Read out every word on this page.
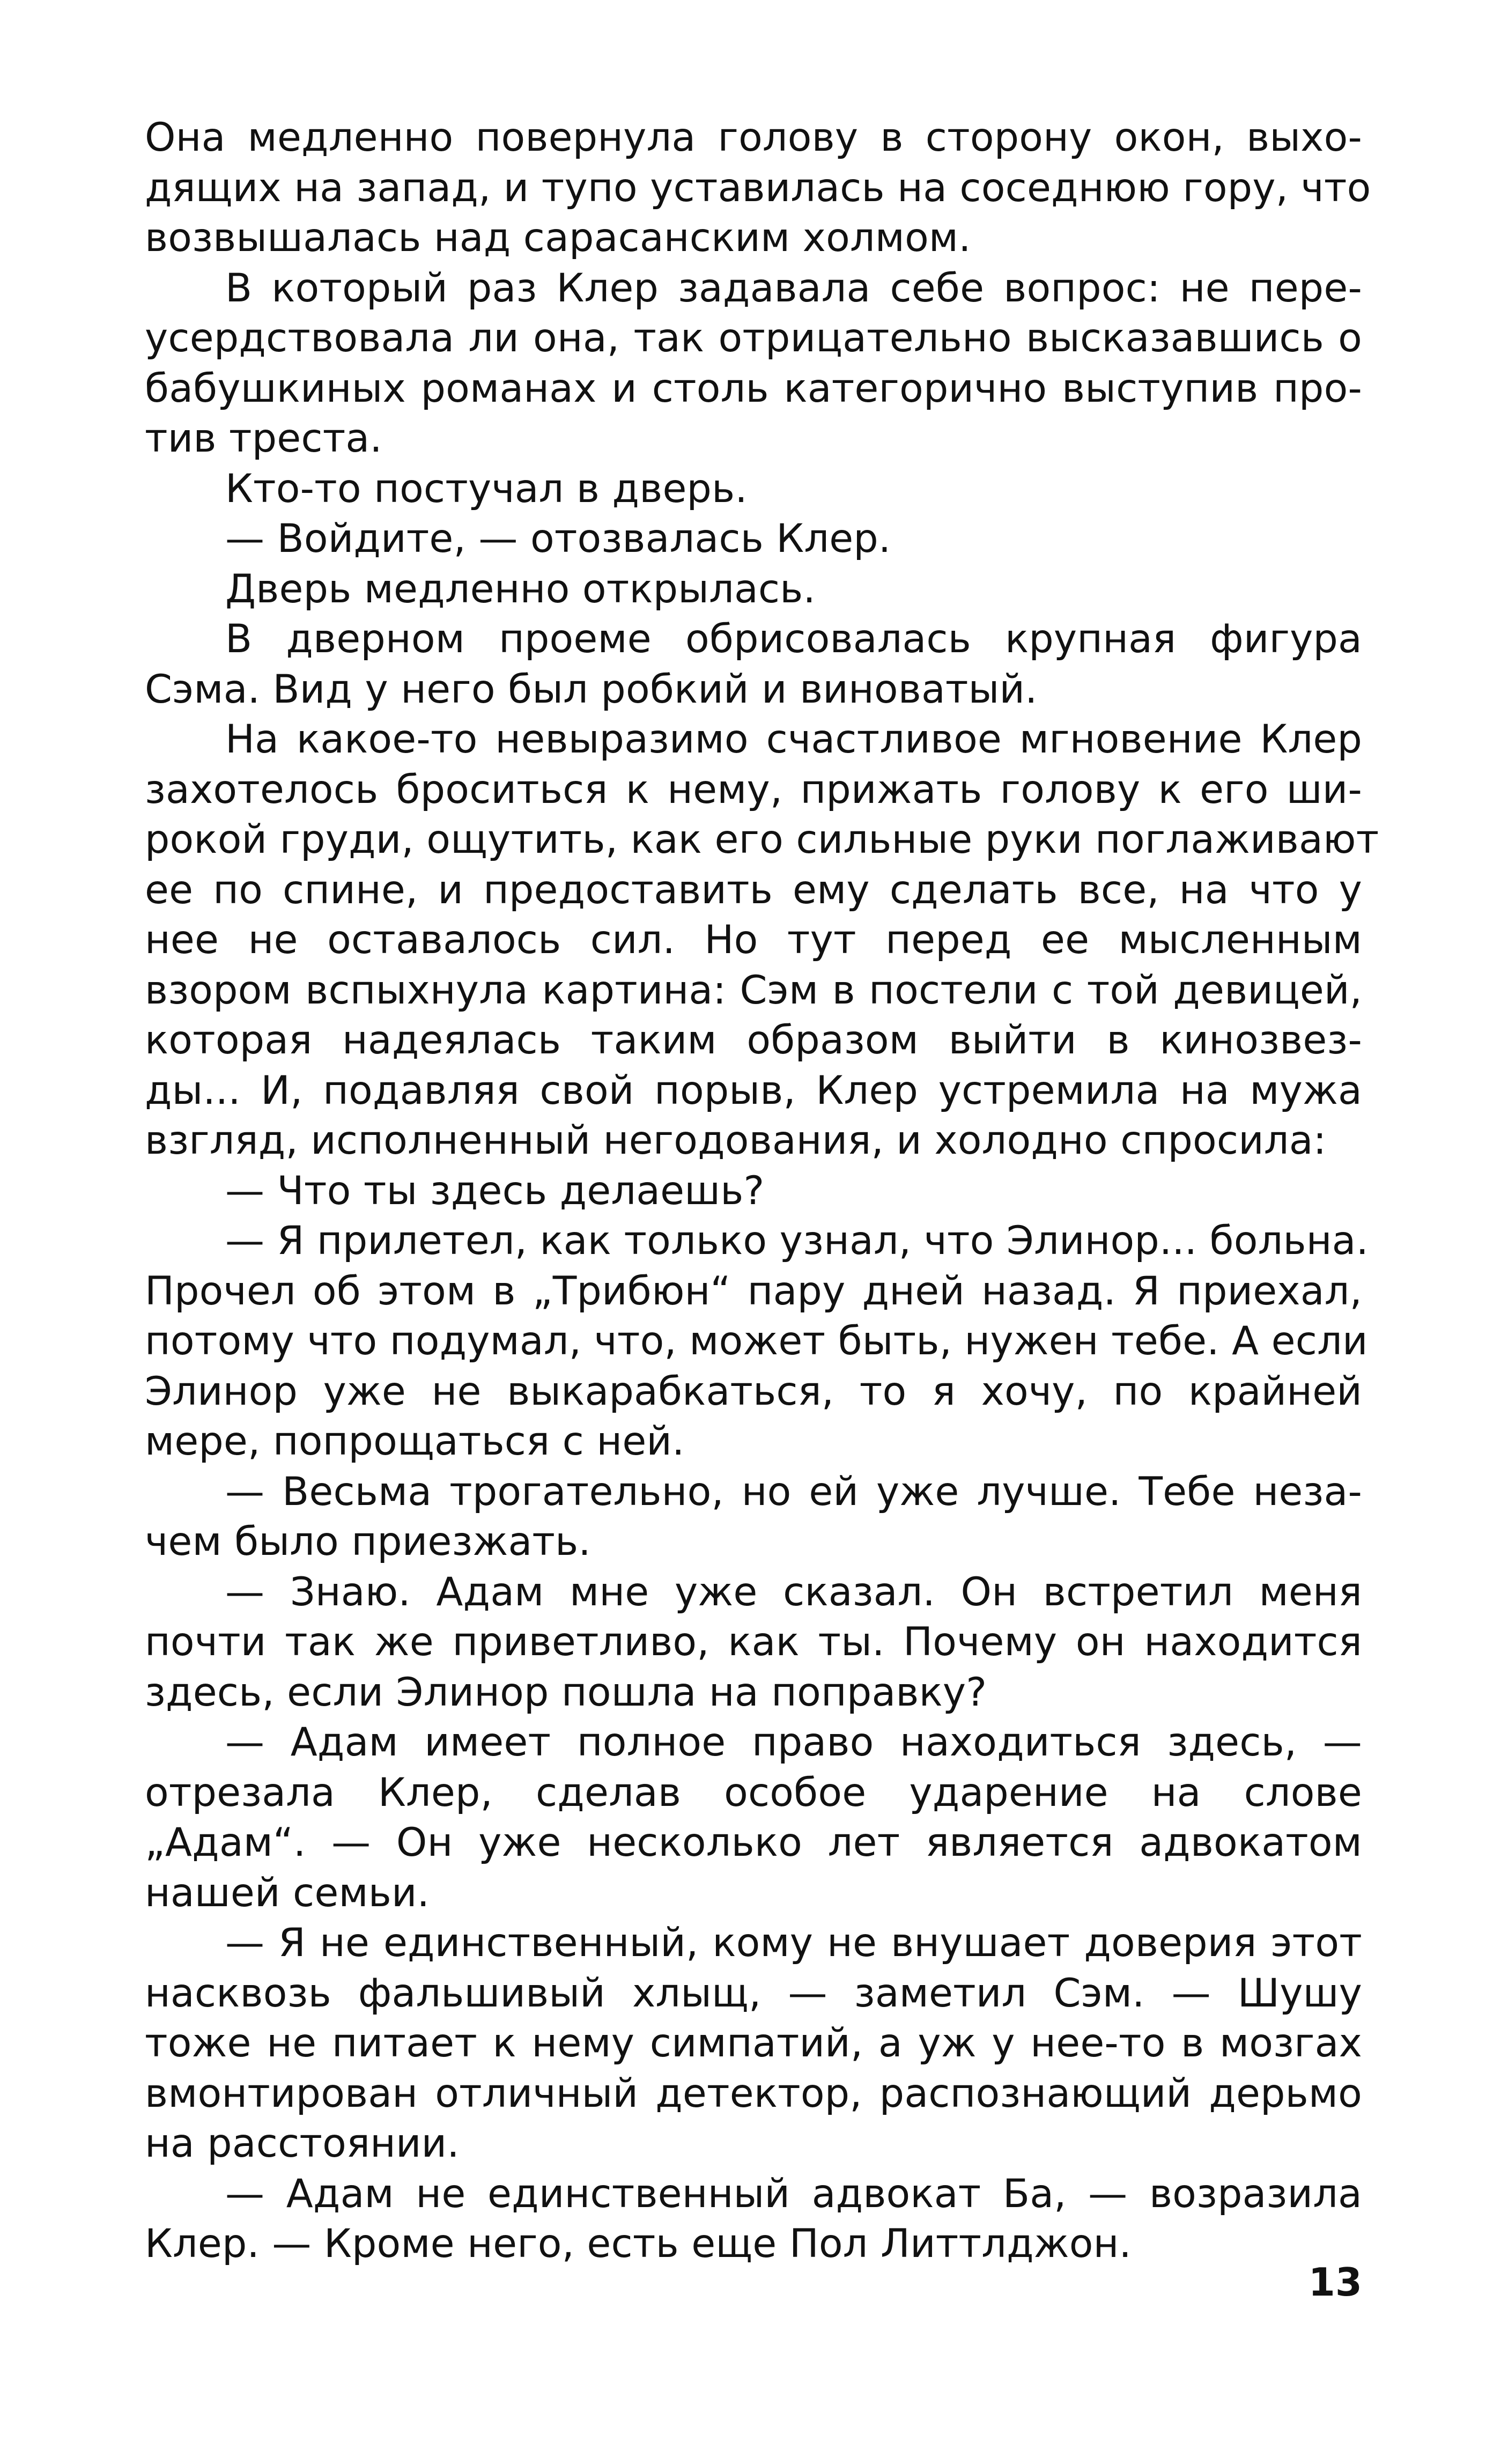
Она медленно повернула голову в сторону окон, выхо-
дящих на запад, и тупо уставилась на соседнюю гору, что
возвышалась над сарасанским холмом.
В который раз Клер задавала себе вопрос: не пере-
усердствовала ли она, так отрицательно высказавшись о
бабушкиных романах и столь категорично выступив про-
тив треста.
Кто-то постучал в дверь.
— Войдите, — отозвалась Клер.
Дверь медленно открылась.
В дверном проеме обрисовалась крупная фигура
Сэма. Вид у него был робкий и виноватый.
На какое-то невыразимо счастливое мгновение Клер
захотелось броситься к нему, прижать голову к его ши-
рокой груди, ощутить, как его сильные руки поглаживают
ее по спине, и предоставить ему сделать все, на что у
нее не оставалось сил. Но тут перед ее мысленным
взором вспыхнула картина: Сэм в постели с той девицей,
которая надеялась таким образом выйти в кинозвез-
ды... И, подавляя свой порыв, Клер устремила на мужа
взгляд, исполненный негодования, и холодно спросила:
— Что ты здесь делаешь?
— Я прилетел, как только узнал, что Элинор... больна.
Прочел об этом в „Трибюн“ пару дней назад. Я приехал,
потому что подумал, что, может быть, нужен тебе. А если
Элинор уже не выкарабкаться, то я хочу, по крайней
мере, попрощаться с ней.
— Весьма трогательно, но ей уже лучше. Тебе неза-
чем было приезжать.
— Знаю. Адам мне уже сказал. Он встретил меня
почти так же приветливо, как ты. Почему он находится
здесь, если Элинор пошла на поправку?
— Адам имеет полное право находиться здесь, —
отрезала Клер, сделав особое ударение на слове
„Адам“. — Он уже несколько лет является адвокатом
нашей семьи.
— Я не единственный, кому не внушает доверия этот
насквозь фальшивый хлыщ, — заметил Сэм. — Шушу
тоже не питает к нему симпатий, а уж у нее-то в мозгах
вмонтирован отличный детектор, распознающий дерьмо
на расстоянии.
— Адам не единственный адвокат Ба, — возразила
Клер. — Кроме него, есть еще Пол Литтлджон.
13
